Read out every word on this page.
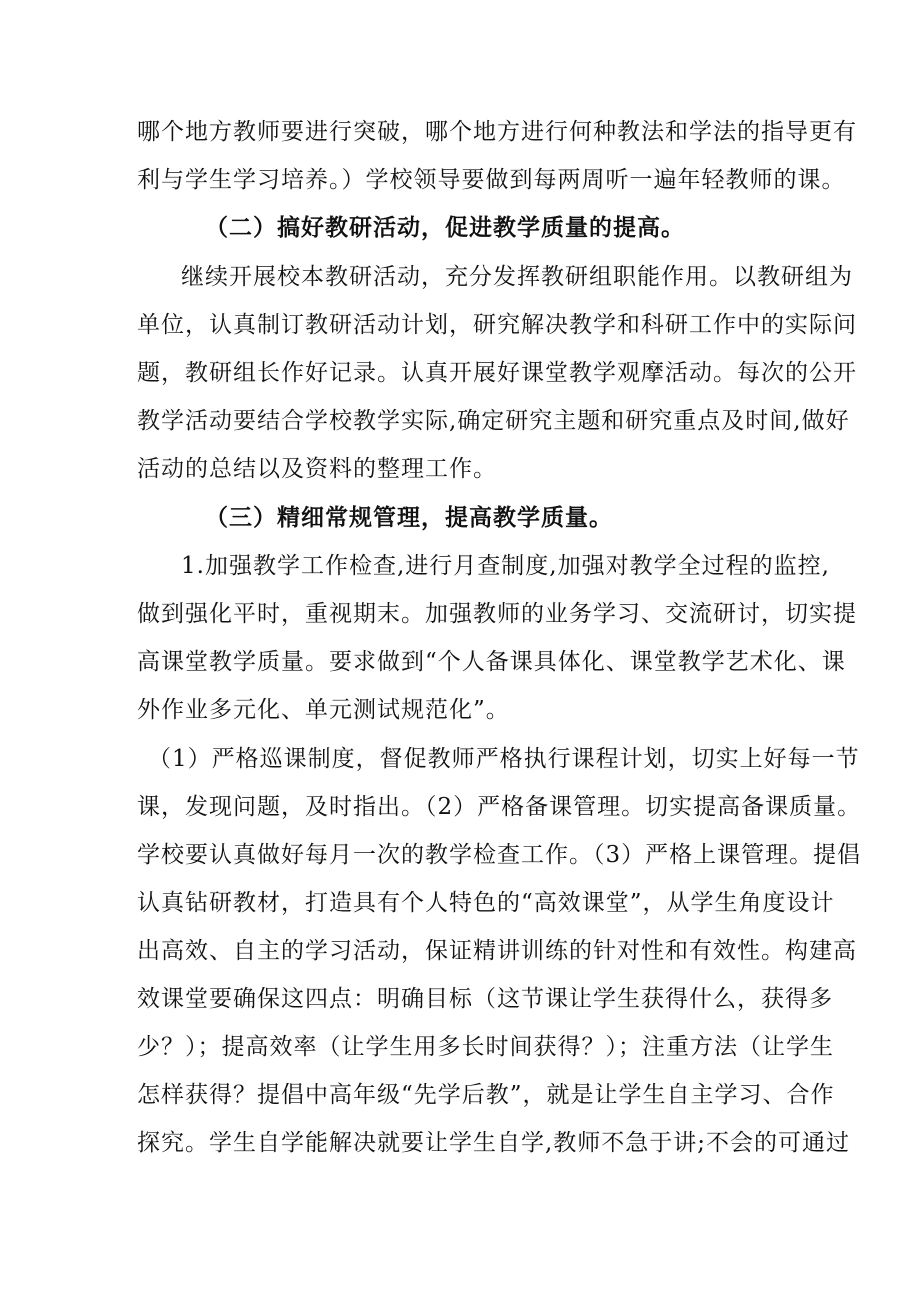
哪个地方教师要进行突破，哪个地方进行何种教法和学法的指导更有
利与学生学习培养。）学校领导要做到每两周听一遍年轻教师的课。
（二）搞好教研活动，促进教学质量的提高。
继续开展校本教研活动，充分发挥教研组职能作用。以教研组为
单位，认真制订教研活动计划，研究解决教学和科研工作中的实际问
题，教研组长作好记录。认真开展好课堂教学观摩活动。每次的公开
教学活动要结合学校教学实际,确定研究主题和研究重点及时间,做好
活动的总结以及资料的整理工作。
（三）精细常规管理，提高教学质量。
1.加强教学工作检查,进行月查制度,加强对教学全过程的监控,
做到强化平时，重视期末。加强教师的业务学习、交流研讨，切实提
高课堂教学质量。要求做到“个人备课具体化、课堂教学艺术化、课
外作业多元化、单元测试规范化”。
（1）严格巡课制度，督促教师严格执行课程计划，切实上好每一节
课，发现问题，及时指出。（2）严格备课管理。切实提高备课质量。
学校要认真做好每月一次的教学检查工作。（3）严格上课管理。提倡
认真钻研教材，打造具有个人特色的“高效课堂”，从学生角度设计
出高效、自主的学习活动，保证精讲训练的针对性和有效性。构建高
效课堂要确保这四点：明确目标（这节课让学生获得什么，获得多
少？）；提高效率（让学生用多长时间获得？）；注重方法（让学生
怎样获得？提倡中高年级“先学后教”，就是让学生自主学习、合作
探究。学生自学能解决就要让学生自学,教师不急于讲;不会的可通过
